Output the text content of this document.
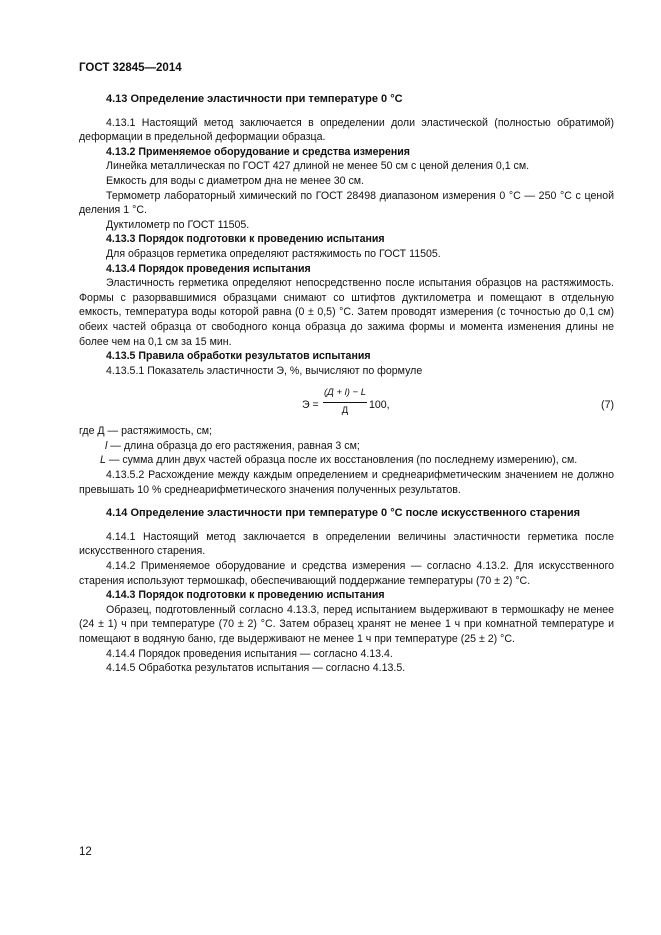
ГОСТ 32845—2014

4.13 Определение эластичности при температуре 0 °С

4.13.1 Настоящий метод заключается в определении доли эластической (полностью обратимой) деформации в предельной деформации образца.

4.13.2 Применяемое оборудование и средства измерения

Линейка металлическая по ГОСТ 427 длиной не менее 50 см с ценой деления 0,1 см.

Емкость для воды с диаметром дна не менее 30 см.

Термометр лабораторный химический по ГОСТ 28498 диапазоном измерения 0 °С — 250 °С с ценой деления 1 °С.

Дуктилометр по ГОСТ 11505.

4.13.3 Порядок подготовки к проведению испытания

Для образцов герметика определяют растяжимость по ГОСТ 11505.

4.13.4 Порядок проведения испытания

Эластичность герметика определяют непосредственно после испытания образцов на растяжимость. Формы с разорвавшимися образцами снимают со штифтов дуктилометра и помещают в отдельную емкость, температура воды которой равна (0 ± 0,5) °С. Затем проводят измерения (с точностью до 0,1 см) обеих частей образца от свободного конца образца до зажима формы и момента изменения длины не более чем на 0,1 см за 15 мин.

4.13.5 Правила обработки результатов испытания

4.13.5.1 Показатель эластичности Э, %, вычисляют по формуле

Э =
(Д + l) − L
Д	100,	(7)

где Д — растяжимость, см;

l — длина образца до его растяжения, равная 3 см;

L — сумма длин двух частей образца после их восстановления (по последнему измерению), см.

4.13.5.2 Расхождение между каждым определением и среднеарифметическим значением не должно превышать 10 % среднеарифметического значения полученных результатов.

4.14 Определение эластичности при температуре 0 °С после искусственного старения

4.14.1 Настоящий метод заключается в определении величины эластичности герметика после искусственного старения.

4.14.2 Применяемое оборудование и средства измерения — согласно 4.13.2. Для искусственного старения используют термошкаф, обеспечивающий поддержание температуры (70 ± 2) °С.

4.14.3 Порядок подготовки к проведению испытания

Образец, подготовленный согласно 4.13.3, перед испытанием выдерживают в термошкафу не менее (24 ± 1) ч при температуре (70 ± 2) °С. Затем образец хранят не менее 1 ч при комнатной температуре и помещают в водяную баню, где выдерживают не менее 1 ч при температуре (25 ± 2) °С.

4.14.4 Порядок проведения испытания — согласно 4.13.4.

4.14.5 Обработка результатов испытания — согласно 4.13.5.

12
